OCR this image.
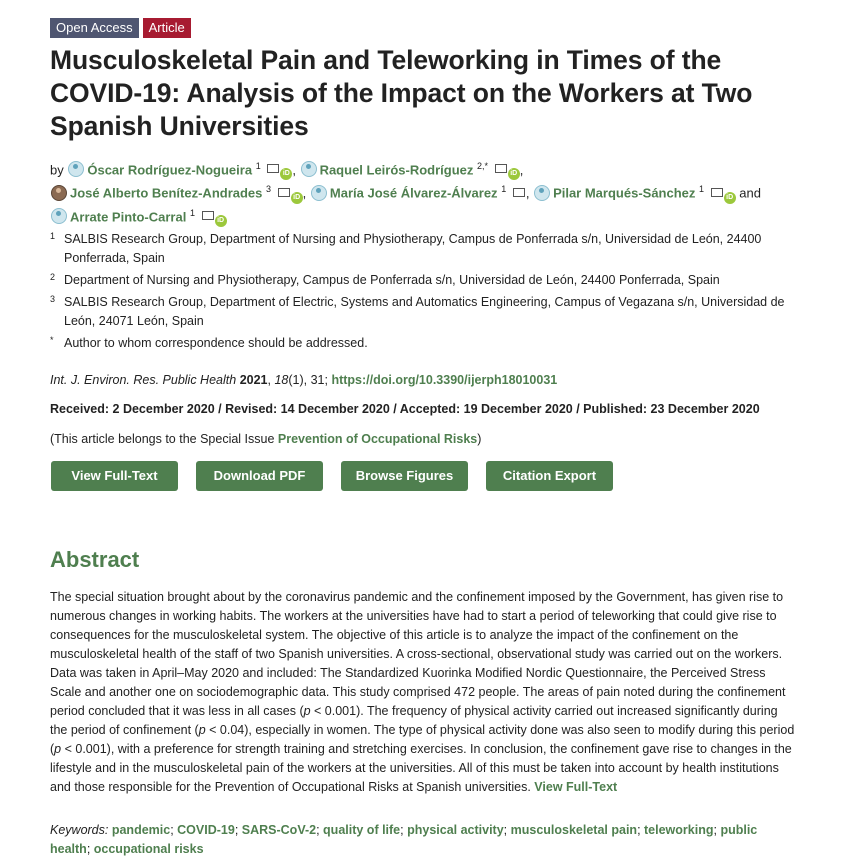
Open Access	Article
Musculoskeletal Pain and Teleworking in Times of the COVID-19: Analysis of the Impact on the Workers at Two Spanish Universities
by Óscar Rodríguez-Nogueira $^1$ iD , Raquel Leirós-Rodríguez $^{2,*}$ iD ,
José Alberto Benítez-Andrades $^3$ iD , María José Álvarez-Álvarez $^1$ , Pilar Marqués-Sánchez $^1$ iD and
Arrate Pinto-Carral $^1$ iD
1 SALBIS Research Group, Department of Nursing and Physiotherapy, Campus de Ponferrada s/n, Universidad de León, 24400 Ponferrada, Spain
2 Department of Nursing and Physiotherapy, Campus de Ponferrada s/n, Universidad de León, 24400 Ponferrada, Spain
3 SALBIS Research Group, Department of Electric, Systems and Automatics Engineering, Campus of Vegazana s/n, Universidad de León, 24071 León, Spain
* Author to whom correspondence should be addressed.
Int. J. Environ. Res. Public Health 2021, 18(1), 31; https://doi.org/10.3390/ijerph18010031
Received: 2 December 2020 / Revised: 14 December 2020 / Accepted: 19 December 2020 / Published: 23 December 2020
(This article belongs to the Special Issue Prevention of Occupational Risks)
View Full-Text	Download PDF	Browse Figures	Citation Export
Abstract
The special situation brought about by the coronavirus pandemic and the confinement imposed by the Government, has given rise to numerous changes in working habits. The workers at the universities have had to start a period of teleworking that could give rise to consequences for the musculoskeletal system. The objective of this article is to analyze the impact of the confinement on the musculoskeletal health of the staff of two Spanish universities. A cross-sectional, observational study was carried out on the workers. Data was taken in April–May 2020 and included: The Standardized Kuorinka Modified Nordic Questionnaire, the Perceived Stress Scale and another one on sociodemographic data. This study comprised 472 people. The areas of pain noted during the confinement period concluded that it was less in all cases (p < 0.001). The frequency of physical activity carried out increased significantly during the period of confinement (p < 0.04), especially in women. The type of physical activity done was also seen to modify during this period (p < 0.001), with a preference for strength training and stretching exercises. In conclusion, the confinement gave rise to changes in the lifestyle and in the musculoskeletal pain of the workers at the universities. All of this must be taken into account by health institutions and those responsible for the Prevention of Occupational Risks at Spanish universities. View Full-Text
Keywords: pandemic; COVID-19; SARS-CoV-2; quality of life; physical activity; musculoskeletal pain; teleworking; public health; occupational risks
